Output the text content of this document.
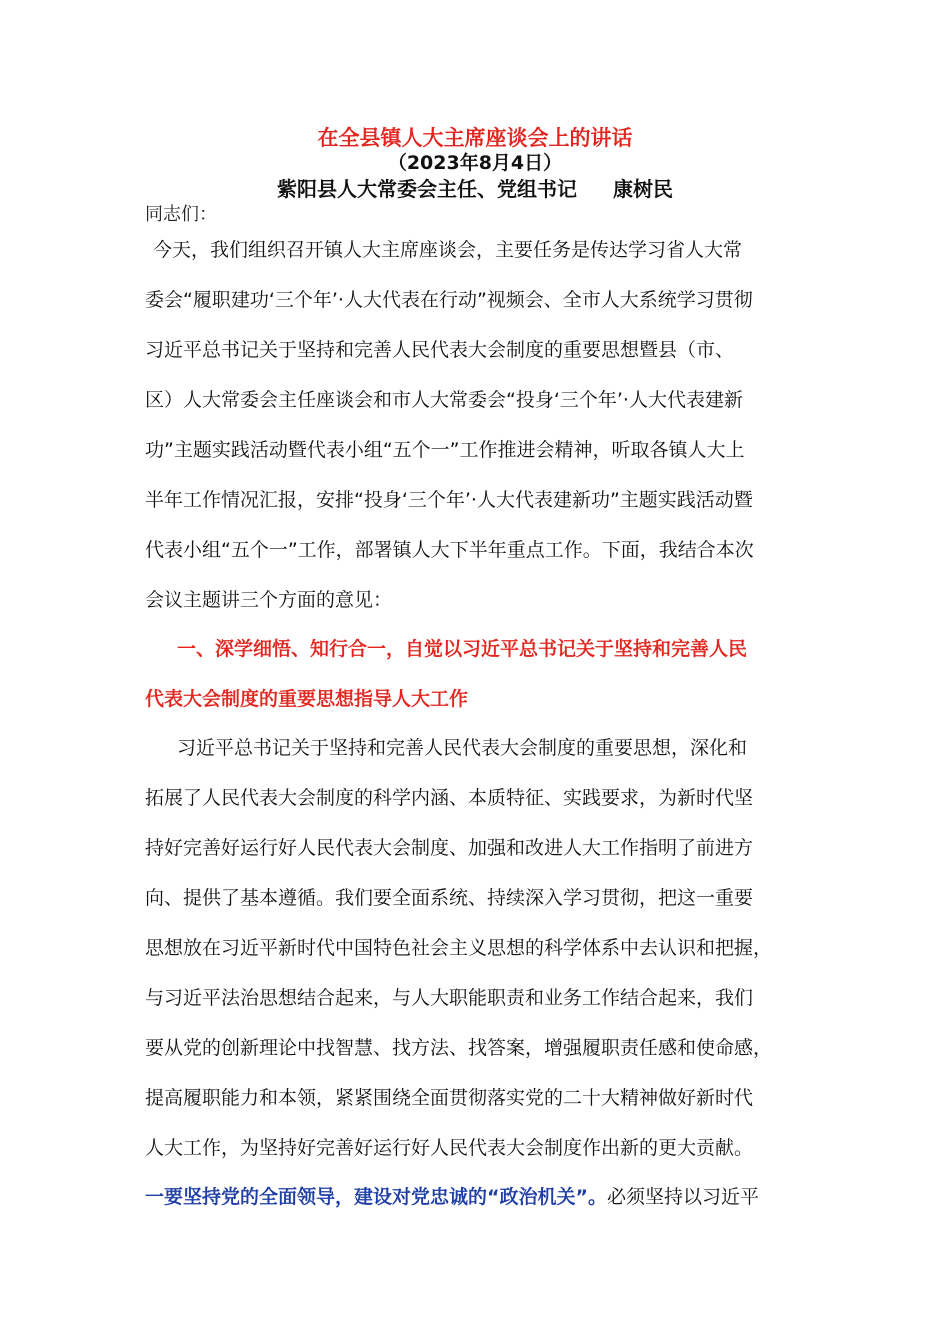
在全县镇人大主席座谈会上的讲话
（2023年8月4日）
紫阳县人大常委会主任、党组书记 康树民
同志们：
今天，我们组织召开镇人大主席座谈会，主要任务是传达学习省人大常
委会“履职建功‘三个年’·人大代表在行动”视频会、全市人大系统学习贯彻
习近平总书记关于坚持和完善人民代表大会制度的重要思想暨县（市、
区）人大常委会主任座谈会和市人大常委会“投身‘三个年’·人大代表建新
功”主题实践活动暨代表小组“五个一”工作推进会精神，听取各镇人大上
半年工作情况汇报，安排“投身‘三个年’·人大代表建新功”主题实践活动暨
代表小组“五个一”工作，部署镇人大下半年重点工作。下面，我结合本次
会议主题讲三个方面的意见：
一、深学细悟、知行合一，自觉以习近平总书记关于坚持和完善人民
代表大会制度的重要思想指导人大工作
习近平总书记关于坚持和完善人民代表大会制度的重要思想，深化和
拓展了人民代表大会制度的科学内涵、本质特征、实践要求，为新时代坚
持好完善好运行好人民代表大会制度、加强和改进人大工作指明了前进方
向、提供了基本遵循。我们要全面系统、持续深入学习贯彻，把这一重要
思想放在习近平新时代中国特色社会主义思想的科学体系中去认识和把握，
与习近平法治思想结合起来，与人大职能职责和业务工作结合起来，我们
要从党的创新理论中找智慧、找方法、找答案，增强履职责任感和使命感，
提高履职能力和本领，紧紧围绕全面贯彻落实党的二十大精神做好新时代
人大工作，为坚持好完善好运行好人民代表大会制度作出新的更大贡献。
一要坚持党的全面领导，建设对党忠诚的“政治机关”。必须坚持以习近平
